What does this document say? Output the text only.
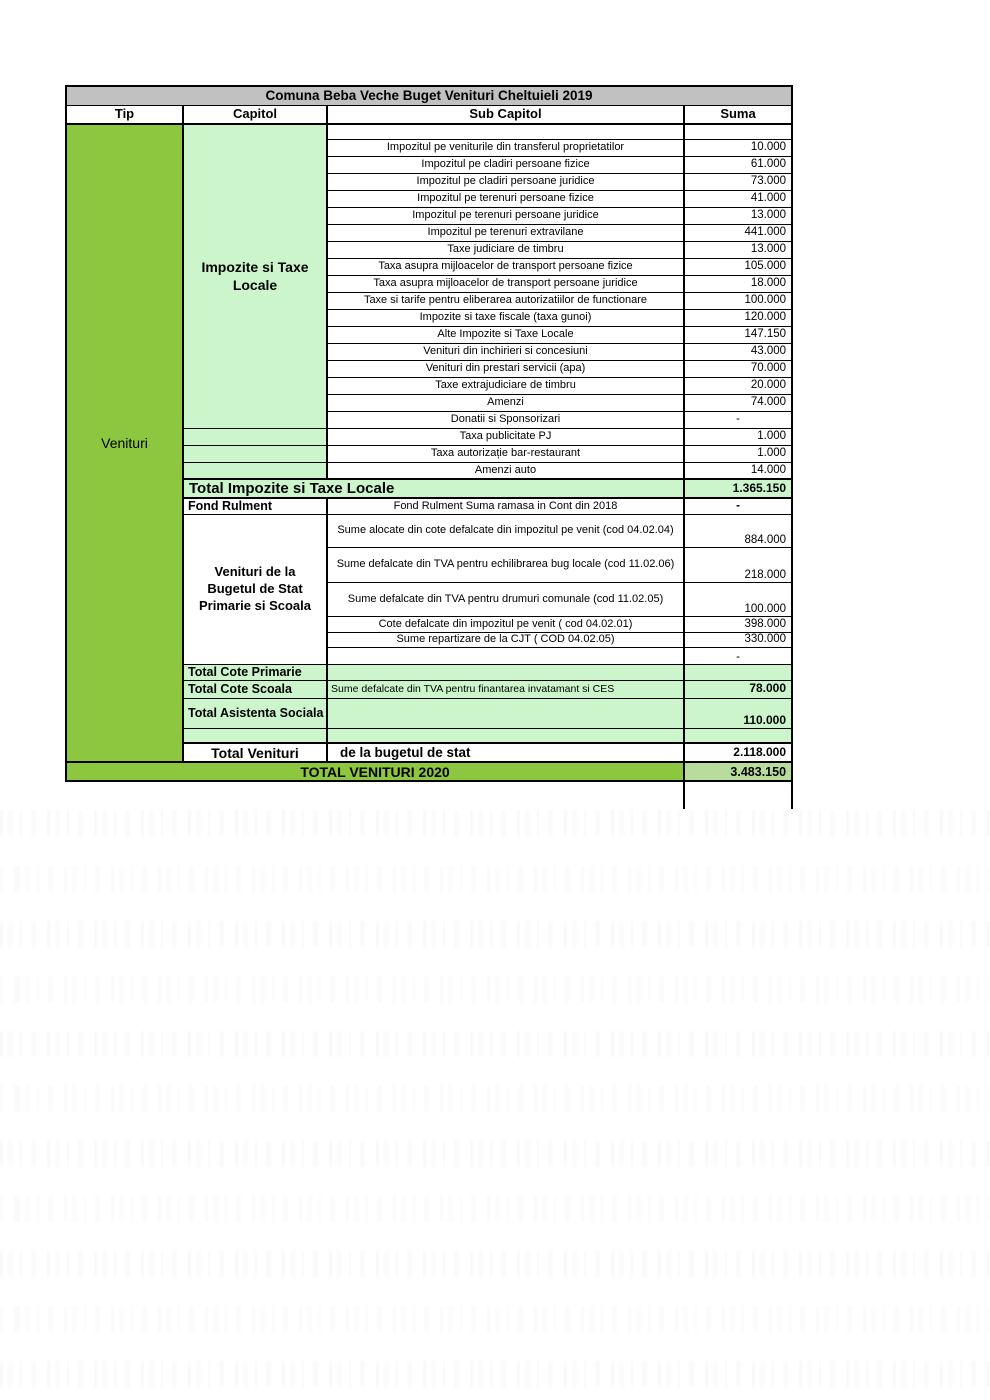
Comuna Beba Veche Buget Venituri Cheltuieli 2019			
Tip	Capitol	Sub Capitol	Suma
Venituri	Impozite si Taxe Locale		
		Impozitul pe veniturile din transferul proprietatilor	10.000
		Impozitul pe cladiri persoane fizice	61.000
		Impozitul pe cladiri persoane juridice	73.000
		Impozitul pe terenuri persoane fizice	41.000
		Impozitul pe terenuri persoane juridice	13.000
		Impozitul pe terenuri extravilane	441.000
		Taxe judiciare de timbru	13.000
		Taxa asupra mijloacelor de transport persoane fizice	105.000
		Taxa asupra mijloacelor de transport persoane juridice	18.000
		Taxe si tarife pentru eliberarea autorizatiilor de functionare	100.000
		Impozite si taxe fiscale (taxa gunoi)	120.000
		Alte Impozite si Taxe Locale	147.150
		Venituri din inchirieri si concesiuni	43.000
		Venituri din prestari servicii (apa)	70.000
		Taxe extrajudiciare de timbru	20.000
		Amenzi	74.000
		Donatii si Sponsorizari	-
		Taxa publicitate PJ	1.000
		Taxa autorizație bar-restaurant	1.000
		Amenzi auto	14.000
	Total Impozite si Taxe Locale		1.365.150
	Fond Rulment	Fond Rulment Suma ramasa in Cont din 2018	-
	Venituri de la Bugetul de Stat Primarie si Scoala	Sume alocate din cote defalcate din impozitul pe venit (cod 04.02.04)	884.000
		Sume defalcate din TVA pentru echilibrarea bug locale (cod 11.02.06)	218.000
		Sume defalcate din TVA pentru drumuri comunale (cod 11.02.05)	100.000
		Cote defalcate din impozitul pe venit ( cod 04.02.01)	398.000
		Sume repartizare de la CJT ( COD 04.02.05)	330.000
			-
	Total Cote Primarie		
	Total Cote Scoala	Sume defalcate din TVA pentru finantarea invatamant si CES	78.000
	Total Asistenta Sociala		110.000

	Total Venituri	de la bugetul de stat	2.118.000
TOTAL VENITURI 2020			3.483.150
